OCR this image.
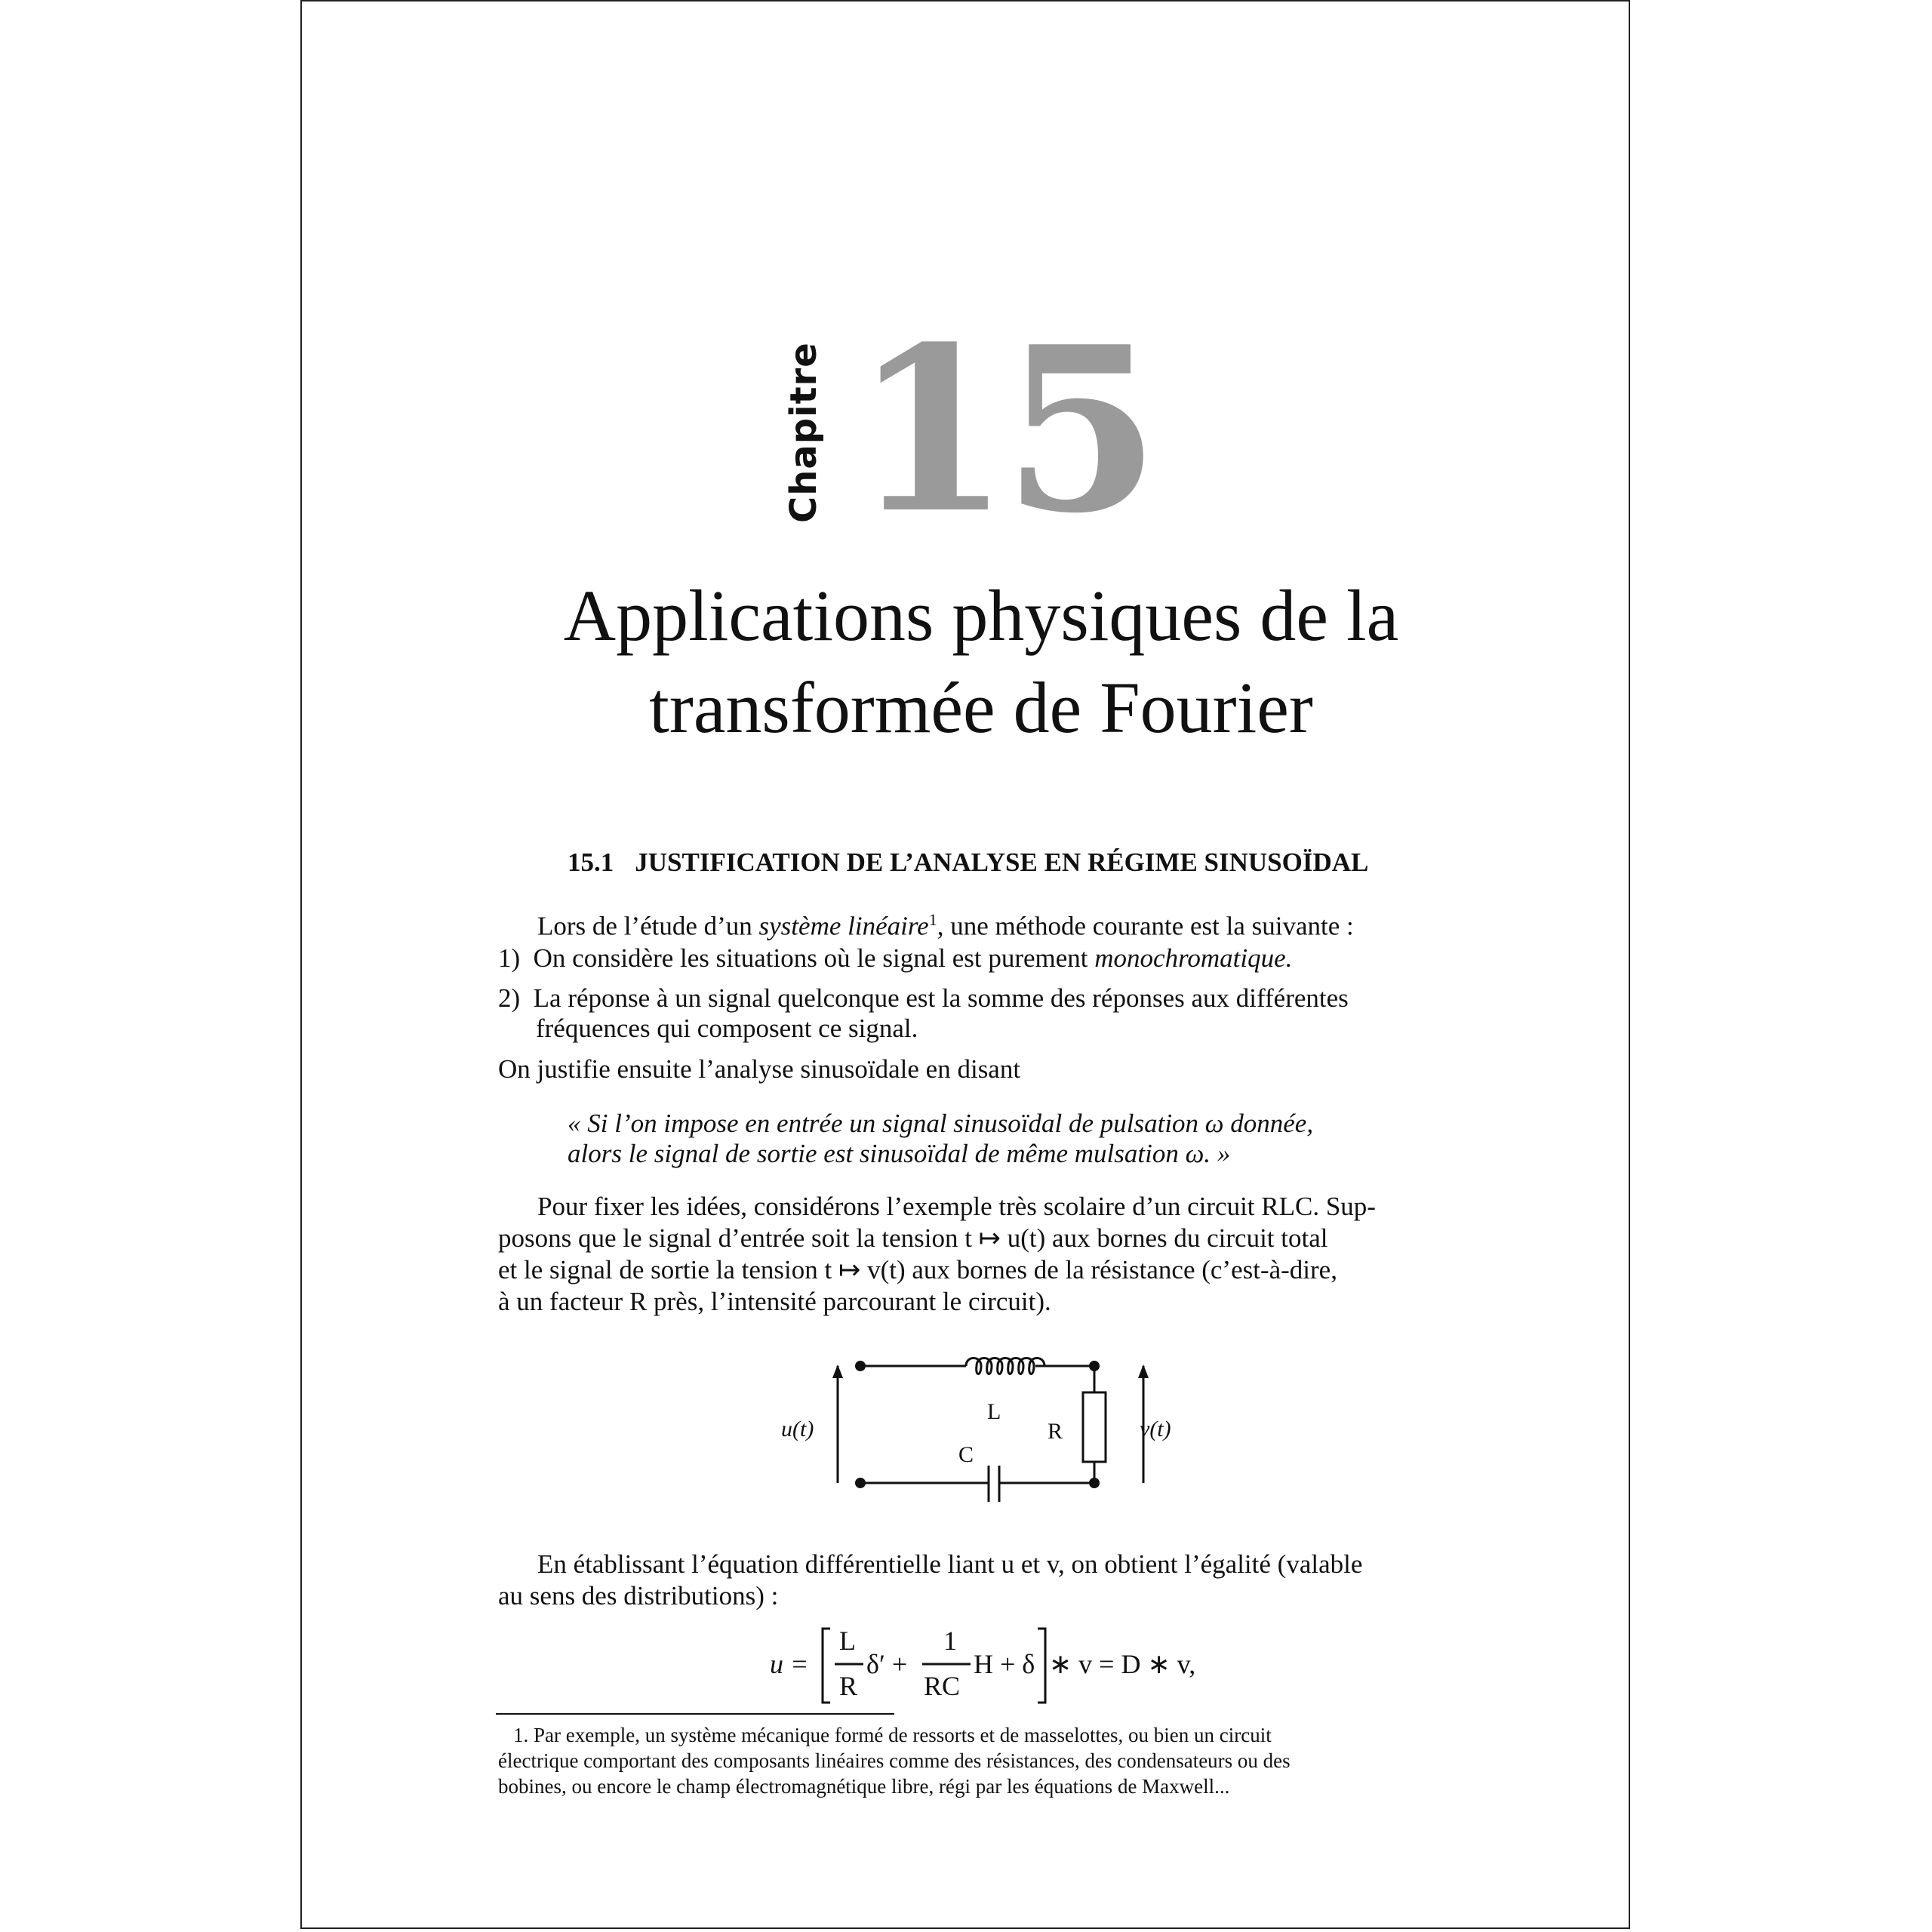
Chapitre 15
Applications physiques de la
transformée de Fourier
15.1 JUSTIFICATION DE L’ANALYSE EN RÉGIME SINUSOÏDAL
Lors de l’étude d’un système linéaire$^1$, une méthode courante est la suivante :
1) On considère les situations où le signal est purement monochromatique.
2) La réponse à un signal quelconque est la somme des réponses aux différentes
fréquences qui composent ce signal.
On justifie ensuite l’analyse sinusoïdale en disant
« Si l’on impose en entrée un signal sinusoïdal de pulsation ω donnée,
alors le signal de sortie est sinusoïdal de même mulsation ω. »
Pour fixer les idées, considérons l’exemple très scolaire d’un circuit RLC. Sup-
posons que le signal d’entrée soit la tension t ↦ u(t) aux bornes du circuit total
et le signal de sortie la tension t ↦ v(t) aux bornes de la résistance (c’est-à-dire,
à un facteur R près, l’intensité parcourant le circuit).
u(t)	v(t)
L
R
C
En établissant l’équation différentielle liant u et v, on obtient l’égalité (valable
au sens des distributions) :
u =
L
R
δ′ +
1
RC
H + δ ∗ v = D ∗ v,
1. Par exemple, un système mécanique formé de ressorts et de masselottes, ou bien un circuit
électrique comportant des composants linéaires comme des résistances, des condensateurs ou des
bobines, ou encore le champ électromagnétique libre, régi par les équations de Maxwell...
